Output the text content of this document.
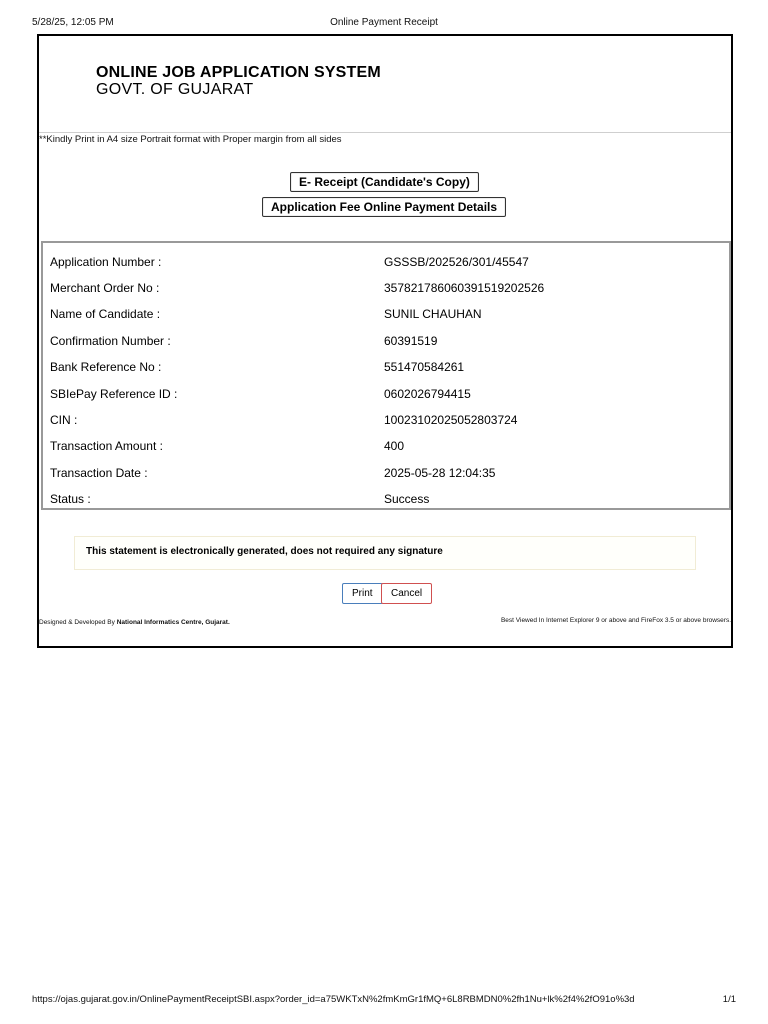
5/28/25, 12:05 PM	Online Payment Receipt
ONLINE JOB APPLICATION SYSTEM
GOVT. OF GUJARAT
**Kindly Print in A4 size Portrait format with Proper margin from all sides
E- Receipt (Candidate's Copy)
Application Fee Online Payment Details
Application Number :	GSSSB/202526/301/45547
Merchant Order No :	35782178606039151920252​6
Name of Candidate :	SUNIL CHAUHAN
Confirmation Number :	60391519
Bank Reference No :	551470584261
SBIePay Reference ID :	0602026794415
CIN :	10023102025052803724
Transaction Amount :	400
Transaction Date :	2025-05-28 12:04:35
Status :	Success
This statement is electronically generated, does not required any signature
Print	Cancel
Designed & Developed By National Informatics Centre, Gujarat.	Best Viewed In Internet Explorer 9 or above and FireFox 3.5 or above browsers.
https://ojas.gujarat.gov.in/OnlinePaymentReceiptSBI.aspx?order_id=a75WKTxN%2fmKmGr1fMQ+6L8RBMDN0%2fh1Nu+lk%2f4%2fO91o%3d	1/1
